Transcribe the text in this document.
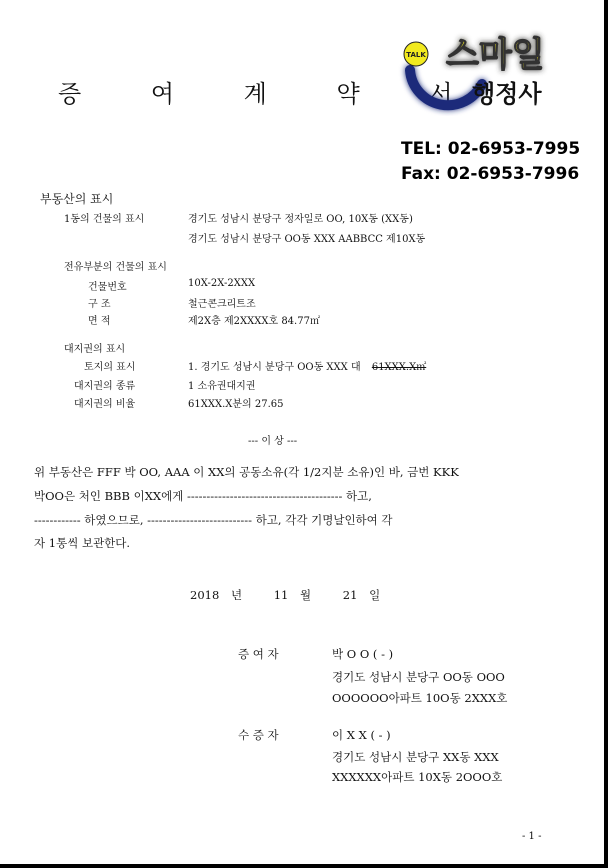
증 여 계 약 서
TALK 스마일
행정사
TEL: 02-6953-7995
Fax: 02-6953-7996
부동산의 표시
1동의 건물의 표시	경기도 성남시 분당구 정자일로 OO, 10X동 (XX동)
경기도 성남시 분당구 OO동 XXX AABBCC 제10X동
전유부분의 건물의 표시
건물번호	10X-2X-2XXX
구 조	철근콘크리트조
면 적	제2X층 제2XXXX호 84.77㎡
대지권의 표시
토지의 표시	1. 경기도 성남시 분당구 OO동 XXX 대 61XXX.X㎡
대지권의 종류	1 소유권대지권
대지권의 비율	61XXX.X분의 27.65
--- 이 상 ---
위 부동산은 FFF 박 OO, AAA 이 XX의 공동소유(각 1/2지분 소유)인 바, 금번 KKK
박OO은 처인 BBB 이XX에게 ---------------------------------------- 하고,
------------ 하였으므로, --------------------------- 하고, 각각 기명날인하여 각
자 1통씩 보관한다.
2018 년	11 월	21 일
증 여 자	박 O O ( - )
경기도 성남시 분당구 OO동 OOO
OOOOOO아파트 10O동 2XXX호
수 증 자	이 X X ( - )
경기도 성남시 분당구 XX동 XXX
XXXXXX아파트 10X동 2OOO호
- 1 -
